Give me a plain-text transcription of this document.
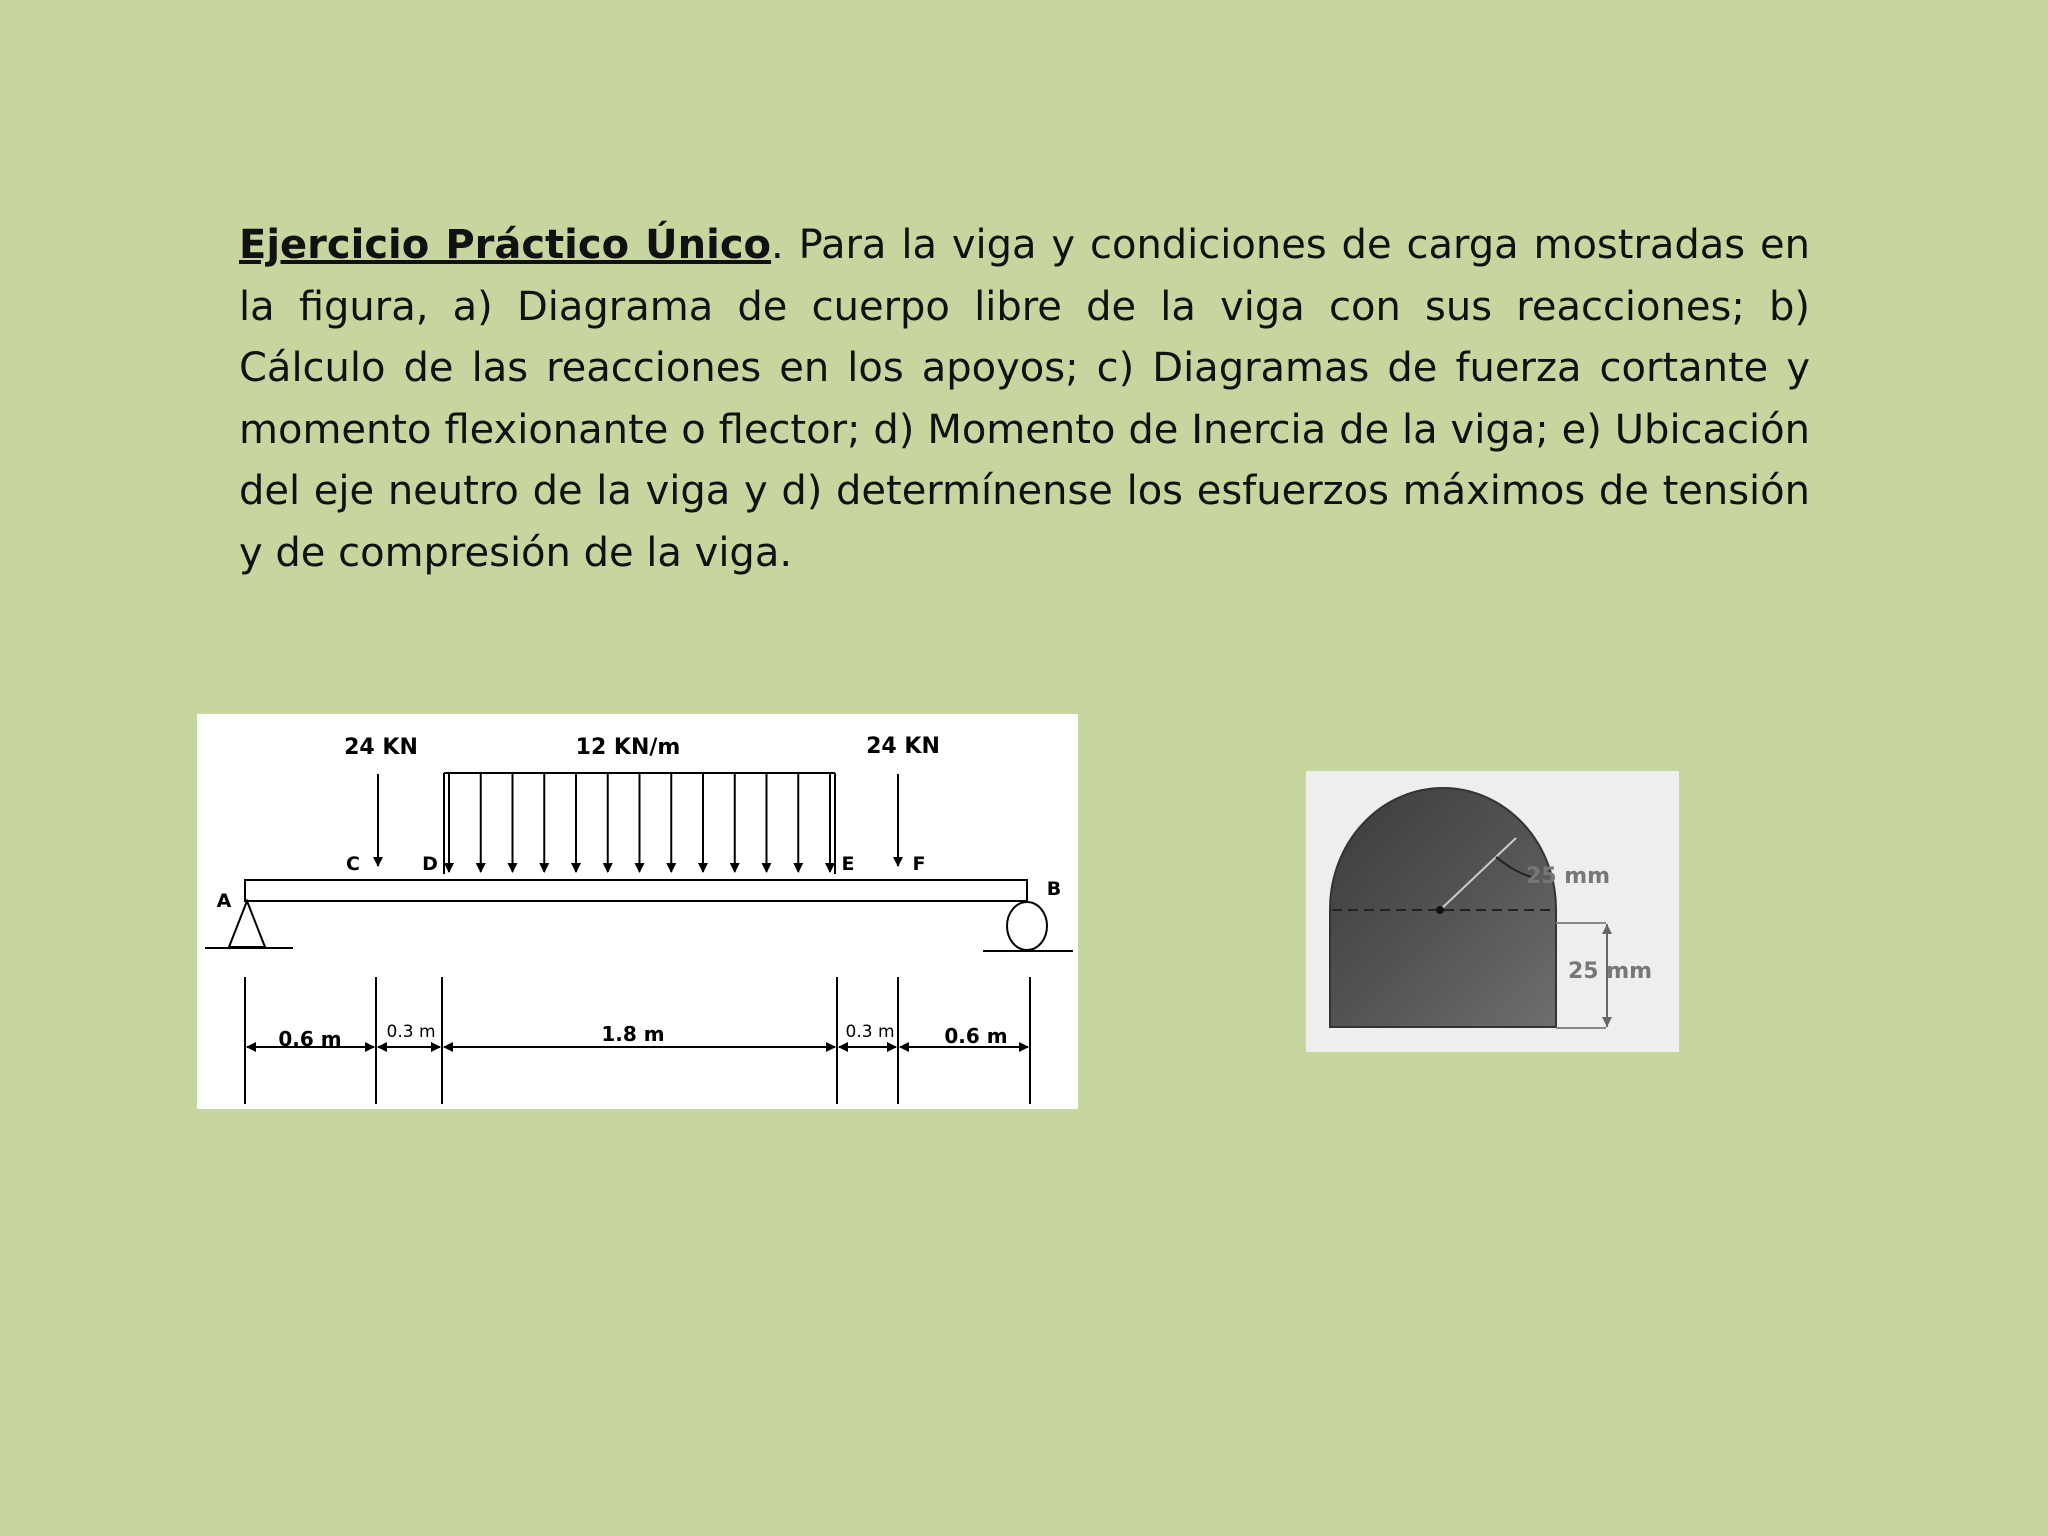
Ejercicio Práctico Único. Para la viga y condiciones de carga mostradas en la figura, a) Diagrama de cuerpo libre de la viga con sus reacciones; b) Cálculo de las reacciones en los apoyos; c) Diagramas de fuerza cortante y momento flexionante o flector; d) Momento de Inercia de la viga; e) Ubicación del eje neutro de la viga y d) determínense los esfuerzos máximos de tensión y de compresión de la viga.

24 KN	12 KN/m	24 KN
C	D	E	F
A
B
0.6 m	0.3 m	1.8 m	0.3 m 0.6 m
25 mm
25 mm
